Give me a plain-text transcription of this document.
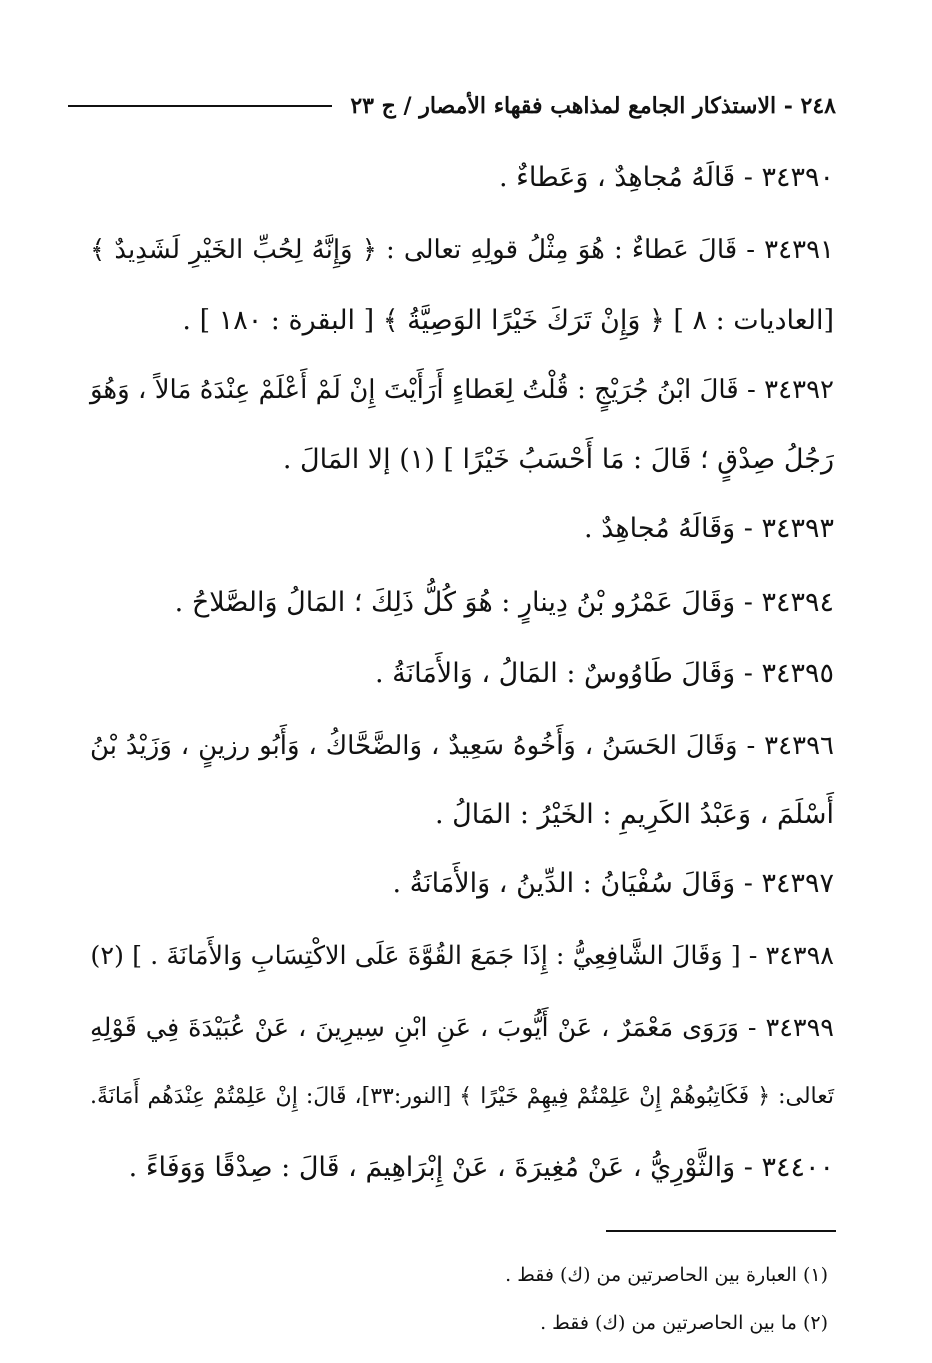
٢٤٨ - الاستذكار الجامع لمذاهب فقهاء الأمصار / ج ٢٣
٣٤٣٩٠ - قَالَهُ مُجاهِدٌ ، وَعَطاءٌ .
٣٤٣٩١ - قَالَ عَطاءٌ : هُوَ مِثْلُ قولِهِ تعالى : ﴿ وَإِنَّهُ لِحُبِّ الخَيْرِ لَشَدِيدٌ ﴾
[العاديات : ٨ ] ﴿ وَإِنْ تَرَكَ خَيْرًا الوَصِيَّةُ ﴾ [ البقرة : ١٨٠ ] .
٣٤٣٩٢ - قَالَ ابْنُ جُرَيْجٍ : قُلْتُ لِعَطاءٍ أَرَأَيْتَ إِنْ لَمْ أَعْلَمْ عِنْدَهُ مَالاً ، وَهُوَ
رَجُلُ صِدْقٍ ؛ قَالَ : مَا أَحْسَبُ خَيْرًا ] (١) إلا المَالَ .
٣٤٣٩٣ - وَقَالَهُ مُجاهِدٌ .
٣٤٣٩٤ - وَقَالَ عَمْرُو بْنُ دِينارٍ : هُوَ كُلُّ ذَلِكَ ؛ المَالُ وَالصَّلاحُ .
٣٤٣٩٥ - وَقَالَ طَاوُوسٌ : المَالُ ، وَالأَمَانَةُ .
٣٤٣٩٦ - وَقَالَ الحَسَنُ ، وَأَخُوهُ سَعِيدٌ ، وَالضَّحَّاكُ ، وَأَبُو رزينٍ ، وَزَيْدُ بْنُ
أَسْلَمَ ، وَعَبْدُ الكَرِيمِ : الخَيْرُ : المَالُ .
٣٤٣٩٧ - وَقَالَ سُفْيَانُ : الدِّينُ ، وَالأَمَانَةُ .
٣٤٣٩٨ - [ وَقَالَ الشَّافِعِيُّ : إِذَا جَمَعَ القُوَّةَ عَلَى الاكْتِسَابِ وَالأَمَانَةَ . ] (٢)
٣٤٣٩٩ - وَرَوَى مَعْمَرٌ ، عَنْ أَيُّوبَ ، عَنِ ابْنِ سِيرِينَ ، عَنْ عُبَيْدَةَ فِي قَوْلِهِ
تَعالى: ﴿ فَكَاتِبُوهُمْ إِنْ عَلِمْتُمْ فِيهِمْ خَيْرًا ﴾ [النور:٣٣]، قَالَ: إِنْ عَلِمْتُمْ عِنْدَهُم أَمَانَةً.
٣٤٤٠٠ - وَالثَّوْرِيُّ ، عَنْ مُغِيرَةَ ، عَنْ إِبْرَاهِيمَ ، قَالَ : صِدْقًا وَوَفَاءً .
(١) العبارة بين الحاصرتين من (ك) فقط .
(٢) ما بين الحاصرتين من (ك) فقط .
